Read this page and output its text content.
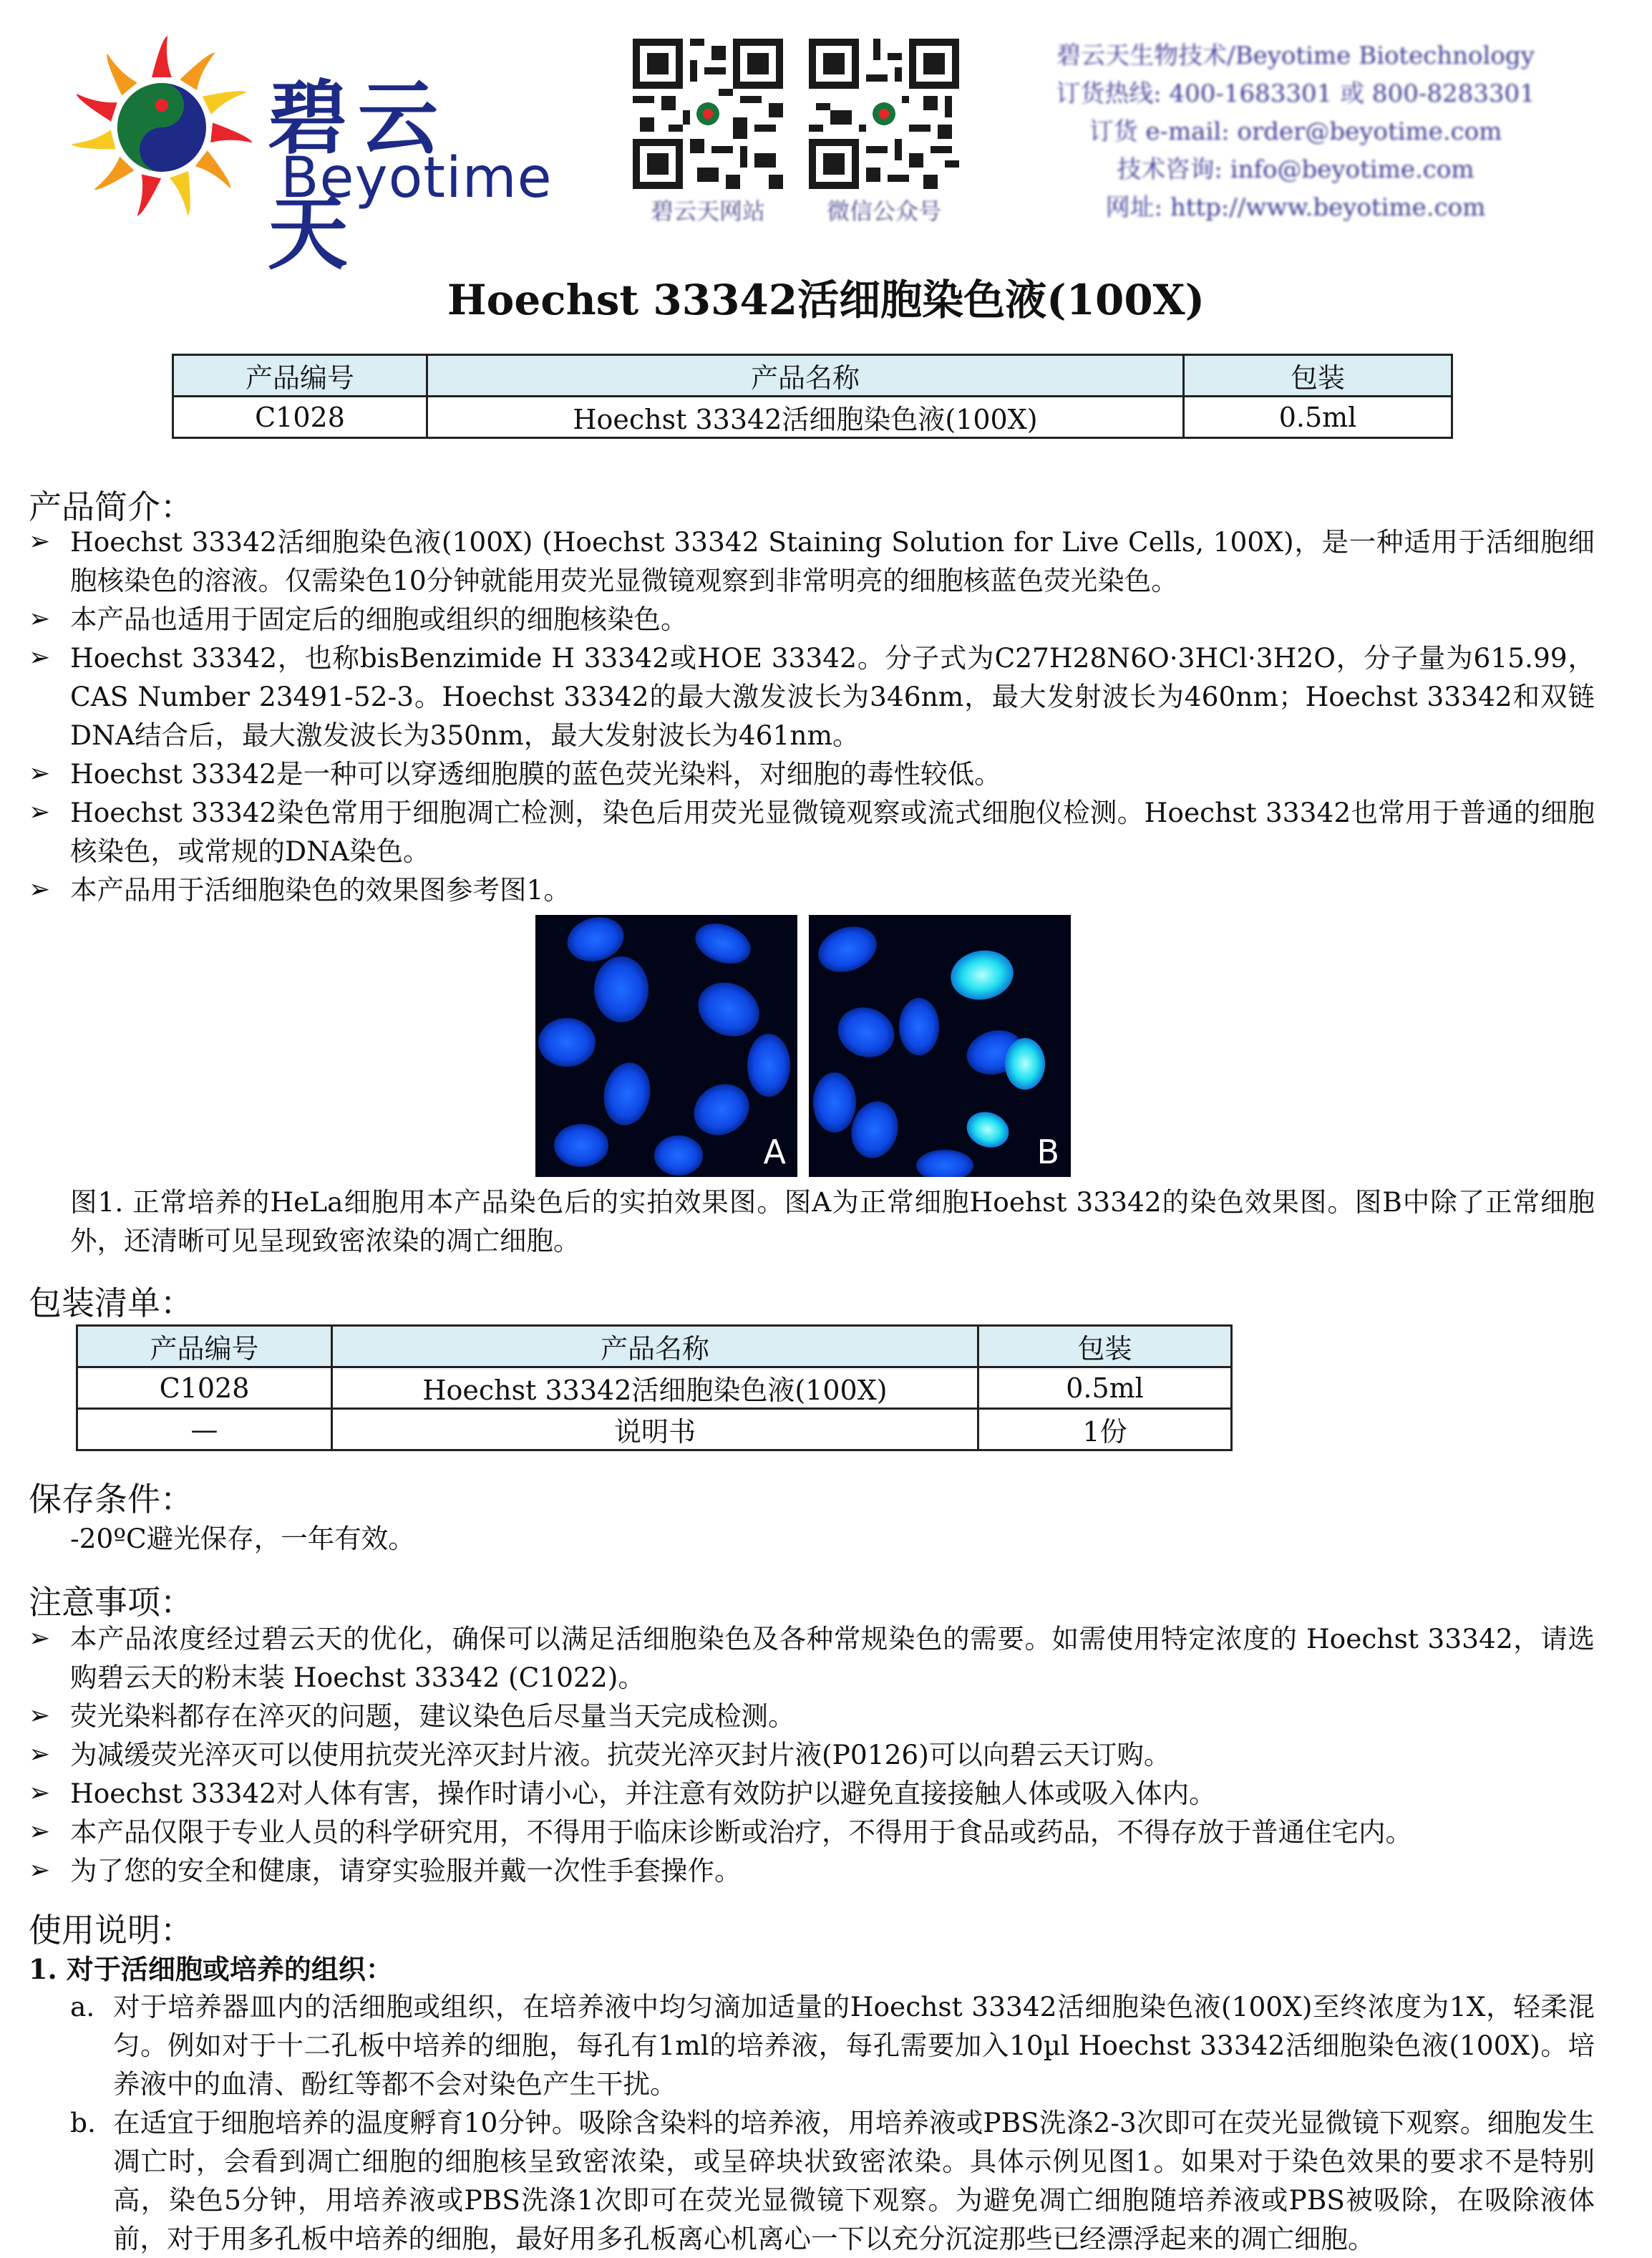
碧云天
Beyotime
碧云天网站	微信公众号
碧云天生物技术/Beyotime Biotechnology
订货热线: 400-1683301 或 800-8283301
订货 e-mail: order@beyotime.com
技术咨询: info@beyotime.com
网址: http://www.beyotime.com
Hoechst 33342活细胞染色液(100X)
产品编号	产品名称	包装
C1028	Hoechst 33342活细胞染色液(100X)	0.5ml
产品简介：
➢ Hoechst 33342活细胞染色液(100X) (Hoechst 33342 Staining Solution for Live Cells, 100X)，是一种适用于活细胞细胞核染色的溶液。仅需染色10分钟就能用荧光显微镜观察到非常明亮的细胞核蓝色荧光染色。
➢ 本产品也适用于固定后的细胞或组织的细胞核染色。
➢ Hoechst 33342，也称bisBenzimide H 33342或HOE 33342。分子式为C27H28N6O·3HCl·3H2O，分子量为615.99，CAS Number 23491-52-3。Hoechst 33342的最大激发波长为346nm，最大发射波长为460nm；Hoechst 33342和双链DNA结合后，最大激发波长为350nm，最大发射波长为461nm。
➢ Hoechst 33342是一种可以穿透细胞膜的蓝色荧光染料，对细胞的毒性较低。
➢ Hoechst 33342染色常用于细胞凋亡检测，染色后用荧光显微镜观察或流式细胞仪检测。Hoechst 33342也常用于普通的细胞核染色，或常规的DNA染色。
➢ 本产品用于活细胞染色的效果图参考图1。
A	B
图1. 正常培养的HeLa细胞用本产品染色后的实拍效果图。图A为正常细胞Hoehst 33342的染色效果图。图B中除了正常细胞外，还清晰可见呈现致密浓染的凋亡细胞。
包装清单：
产品编号	产品名称	包装
C1028	Hoechst 33342活细胞染色液(100X)	0.5ml
—	说明书	1份
保存条件：
-20ºC避光保存，一年有效。
注意事项：
➢ 本产品浓度经过碧云天的优化，确保可以满足活细胞染色及各种常规染色的需要。如需使用特定浓度的 Hoechst 33342，请选购碧云天的粉末装 Hoechst 33342 (C1022)。
➢ 荧光染料都存在淬灭的问题，建议染色后尽量当天完成检测。
➢ 为减缓荧光淬灭可以使用抗荧光淬灭封片液。抗荧光淬灭封片液(P0126)可以向碧云天订购。
➢ Hoechst 33342对人体有害，操作时请小心，并注意有效防护以避免直接接触人体或吸入体内。
➢ 本产品仅限于专业人员的科学研究用，不得用于临床诊断或治疗，不得用于食品或药品，不得存放于普通住宅内。
➢ 为了您的安全和健康，请穿实验服并戴一次性手套操作。
使用说明：
1. 对于活细胞或培养的组织：
a. 对于培养器皿内的活细胞或组织，在培养液中均匀滴加适量的Hoechst 33342活细胞染色液(100X)至终浓度为1X，轻柔混匀。例如对于十二孔板中培养的细胞，每孔有1ml的培养液，每孔需要加入10µl Hoechst 33342活细胞染色液(100X)。培养液中的血清、酚红等都不会对染色产生干扰。
b. 在适宜于细胞培养的温度孵育10分钟。吸除含染料的培养液，用培养液或PBS洗涤2-3次即可在荧光显微镜下观察。细胞发生凋亡时，会看到凋亡细胞的细胞核呈致密浓染，或呈碎块状致密浓染。具体示例见图1。如果对于染色效果的要求不是特别高，染色5分钟，用培养液或PBS洗涤1次即可在荧光显微镜下观察。为避免凋亡细胞随培养液或PBS被吸除，在吸除液体前，对于用多孔板中培养的细胞，最好用多孔板离心机离心一下以充分沉淀那些已经漂浮起来的凋亡细胞。
